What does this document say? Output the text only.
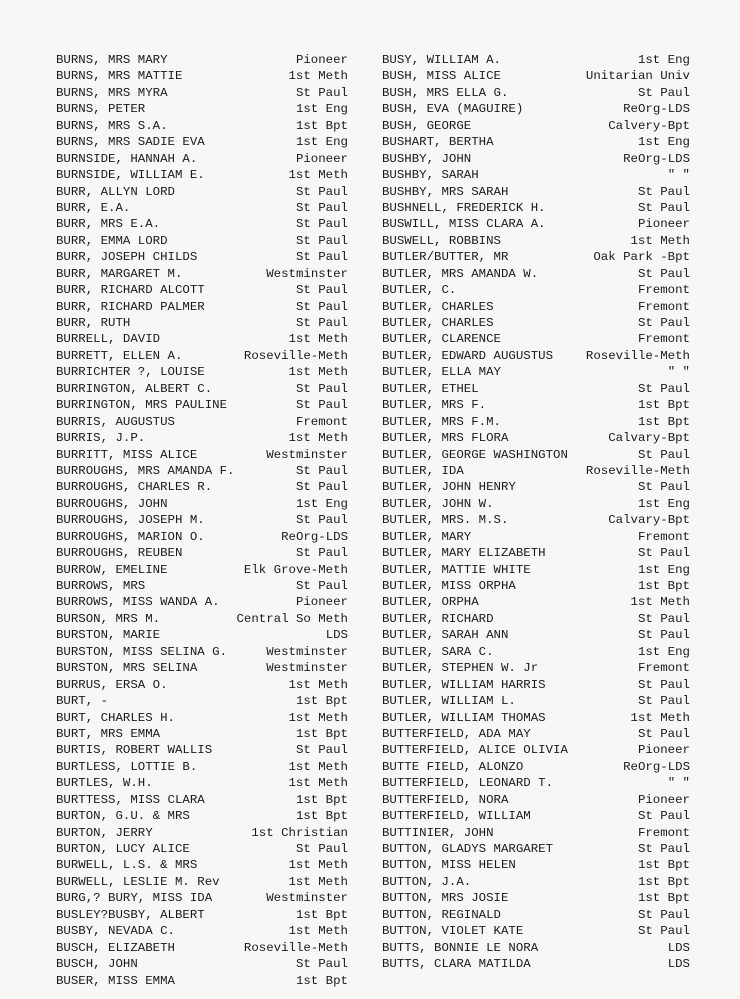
BURNS, MRS MARY	Pioneer
BURNS, MRS MATTIE	1st Meth
BURNS, MRS MYRA	St Paul
BURNS, PETER	1st Eng
BURNS, MRS S.A.	1st Bpt
BURNS, MRS SADIE EVA	1st Eng
BURNSIDE, HANNAH A.	Pioneer
BURNSIDE, WILLIAM E.	1st Meth
BURR, ALLYN LORD	St Paul
BURR, E.A.	St Paul
BURR, MRS E.A.	St Paul
BURR, EMMA LORD	St Paul
BURR, JOSEPH CHILDS	St Paul
BURR, MARGARET M.	Westminster
BURR, RICHARD ALCOTT	St Paul
BURR, RICHARD PALMER	St Paul
BURR, RUTH	St Paul
BURRELL, DAVID	1st Meth
BURRETT, ELLEN A.	Roseville-Meth
BURRICHTER ?, LOUISE	1st Meth
BURRINGTON, ALBERT C.	St Paul
BURRINGTON, MRS PAULINE	St Paul
BURRIS, AUGUSTUS	Fremont
BURRIS, J.P.	1st Meth
BURRITT, MISS ALICE	Westminster
BURROUGHS, MRS AMANDA F.	St Paul
BURROUGHS, CHARLES R.	St Paul
BURROUGHS, JOHN	1st Eng
BURROUGHS, JOSEPH M.	St Paul
BURROUGHS, MARION O.	ReOrg-LDS
BURROUGHS, REUBEN	St Paul
BURROW, EMELINE	Elk Grove-Meth
BURROWS, MRS	St Paul
BURROWS, MISS WANDA A.	Pioneer
BURSON, MRS M.	Central So Meth
BURSTON, MARIE	LDS
BURSTON, MISS SELINA G.	Westminster
BURSTON, MRS SELINA	Westminster
BURRUS, ERSA O.	1st Meth
BURT, -	1st Bpt
BURT, CHARLES H.	1st Meth
BURT, MRS EMMA	1st Bpt
BURTIS, ROBERT WALLIS	St Paul
BURTLESS, LOTTIE B.	1st Meth
BURTLES, W.H.	1st Meth
BURTTESS, MISS CLARA	1st Bpt
BURTON, G.U. & MRS	1st Bpt
BURTON, JERRY	1st Christian
BURTON, LUCY ALICE	St Paul
BURWELL, L.S. & MRS	1st Meth
BURWELL, LESLIE M. Rev	1st Meth
BURG,? BURY, MISS IDA	Westminster
BUSLEY?BUSBY, ALBERT	1st Bpt
BUSBY, NEVADA C.	1st Meth
BUSCH, ELIZABETH	Roseville-Meth
BUSCH, JOHN	St Paul
BUSER, MISS EMMA	1st Bpt
BUSY, WILLIAM A.	1st Eng
BUSH, MISS ALICE	Unitarian Univ
BUSH, MRS ELLA G.	St Paul
BUSH, EVA (MAGUIRE)	ReOrg-LDS
BUSH, GEORGE	Calvery-Bpt
BUSHART, BERTHA	1st Eng
BUSHBY, JOHN	ReOrg-LDS
BUSHBY, SARAH	" "
BUSHBY, MRS SARAH	St Paul
BUSHNELL, FREDERICK H.	St Paul
BUSWILL, MISS CLARA A.	Pioneer
BUSWELL, ROBBINS	1st Meth
BUTLER/BUTTER, MR	Oak Park -Bpt
BUTLER, MRS AMANDA W.	St Paul
BUTLER, C.	Fremont
BUTLER, CHARLES	Fremont
BUTLER, CHARLES	St Paul
BUTLER, CLARENCE	Fremont
BUTLER, EDWARD AUGUSTUS	Roseville-Meth
BUTLER, ELLA MAY	" "
BUTLER, ETHEL	St Paul
BUTLER, MRS F.	1st Bpt
BUTLER, MRS F.M.	1st Bpt
BUTLER, MRS FLORA	Calvary-Bpt
BUTLER, GEORGE WASHINGTON	St Paul
BUTLER, IDA	Roseville-Meth
BUTLER, JOHN HENRY	St Paul
BUTLER, JOHN W.	1st Eng
BUTLER, MRS. M.S.	Calvary-Bpt
BUTLER, MARY	Fremont
BUTLER, MARY ELIZABETH	St Paul
BUTLER, MATTIE WHITE	1st Eng
BUTLER, MISS ORPHA	1st Bpt
BUTLER, ORPHA	1st Meth
BUTLER, RICHARD	St Paul
BUTLER, SARAH ANN	St Paul
BUTLER, SARA C.	1st Eng
BUTLER, STEPHEN W. Jr	Fremont
BUTLER, WILLIAM HARRIS	St Paul
BUTLER, WILLIAM L.	St Paul
BUTLER, WILLIAM THOMAS	1st Meth
BUTTERFIELD, ADA MAY	St Paul
BUTTERFIELD, ALICE OLIVIA	Pioneer
BUTTE FIELD, ALONZO	ReOrg-LDS
BUTTERFIELD, LEONARD T.	" "
BUTTERFIELD, NORA	Pioneer
BUTTERFIELD, WILLIAM	St Paul
BUTTINIER, JOHN	Fremont
BUTTON, GLADYS MARGARET	St Paul
BUTTON, MISS HELEN	1st Bpt
BUTTON, J.A.	1st Bpt
BUTTON, MRS JOSIE	1st Bpt
BUTTON, REGINALD	St Paul
BUTTON, VIOLET KATE	St Paul
BUTTS, BONNIE LE NORA	LDS
BUTTS, CLARA MATILDA	LDS
